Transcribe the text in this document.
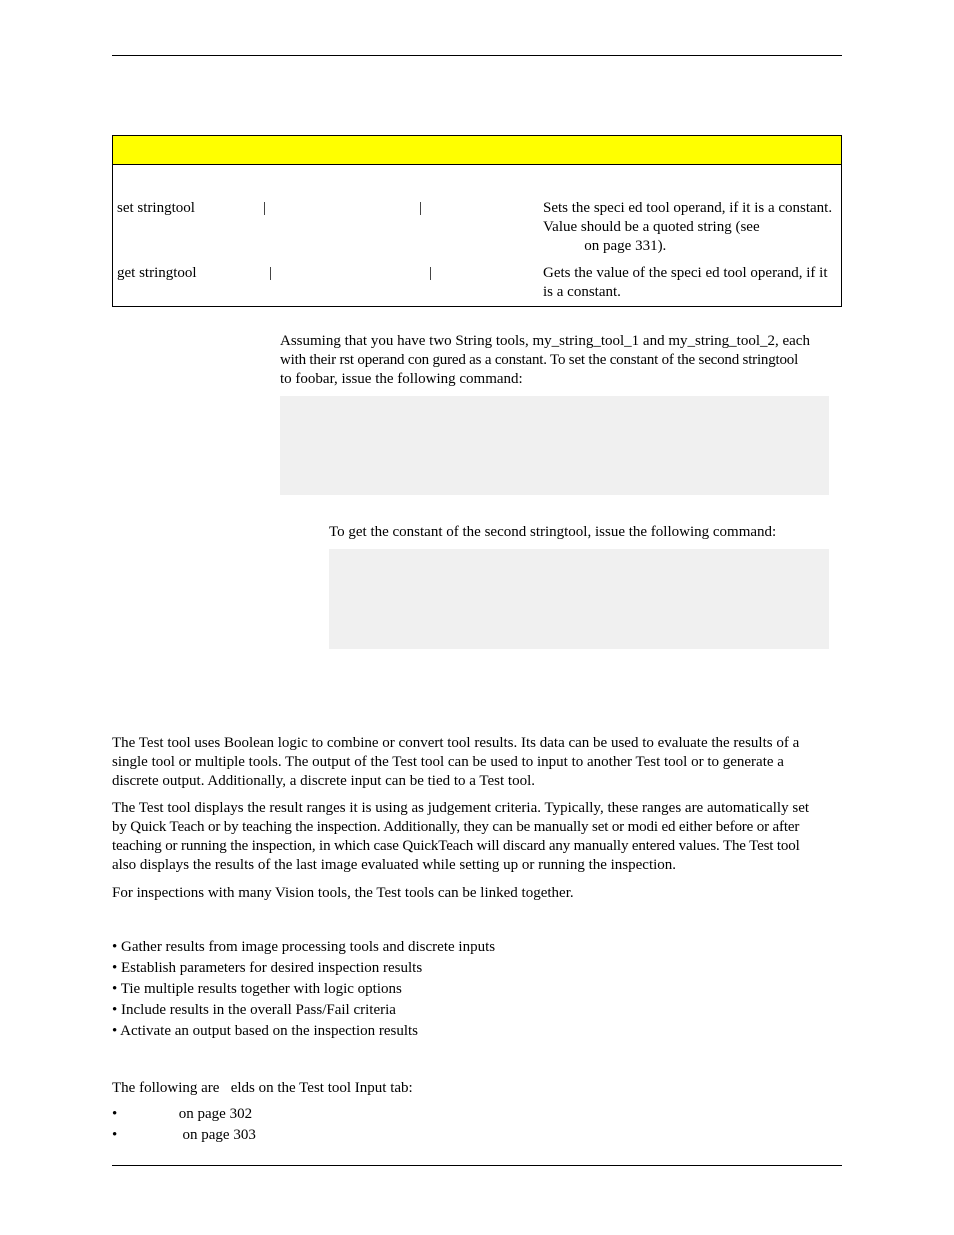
set stringtool	|	|	Sets the speci ed tool operand, if it is a constant.
Value should be a quoted string (see
on page 331).

get stringtool	|	|	Gets the value of the speci ed tool operand, if it
is a constant.
Assuming that you have two String tools, my_string_tool_1 and my_string_tool_2, each
with their rst operand con gured as a constant. To set the constant of the second stringtool
to foobar, issue the following command:
To get the constant of the second stringtool, issue the following command:
The Test tool uses Boolean logic to combine or convert tool results. Its data can be used to evaluate the results of a
single tool or multiple tools. The output of the Test tool can be used to input to another Test tool or to generate a
discrete output. Additionally, a discrete input can be tied to a Test tool.
The Test tool displays the result ranges it is using as judgement criteria. Typically, these ranges are automatically set
by Quick Teach or by teaching the inspection. Additionally, they can be manually set or modi ed either before or after
teaching or running the inspection, in which case QuickTeach will discard any manually entered values. The Test tool
also displays the results of the last image evaluated while setting up or running the inspection.
For inspections with many Vision tools, the Test tools can be linked together.
• Gather results from image processing tools and discrete inputs
• Establish parameters for desired inspection results
• Tie multiple results together with logic options
• Include results in the overall Pass/Fail criteria
• Activate an output based on the inspection results
The following are   elds on the Test tool Input tab:
•	on page 302
•	on page 303
